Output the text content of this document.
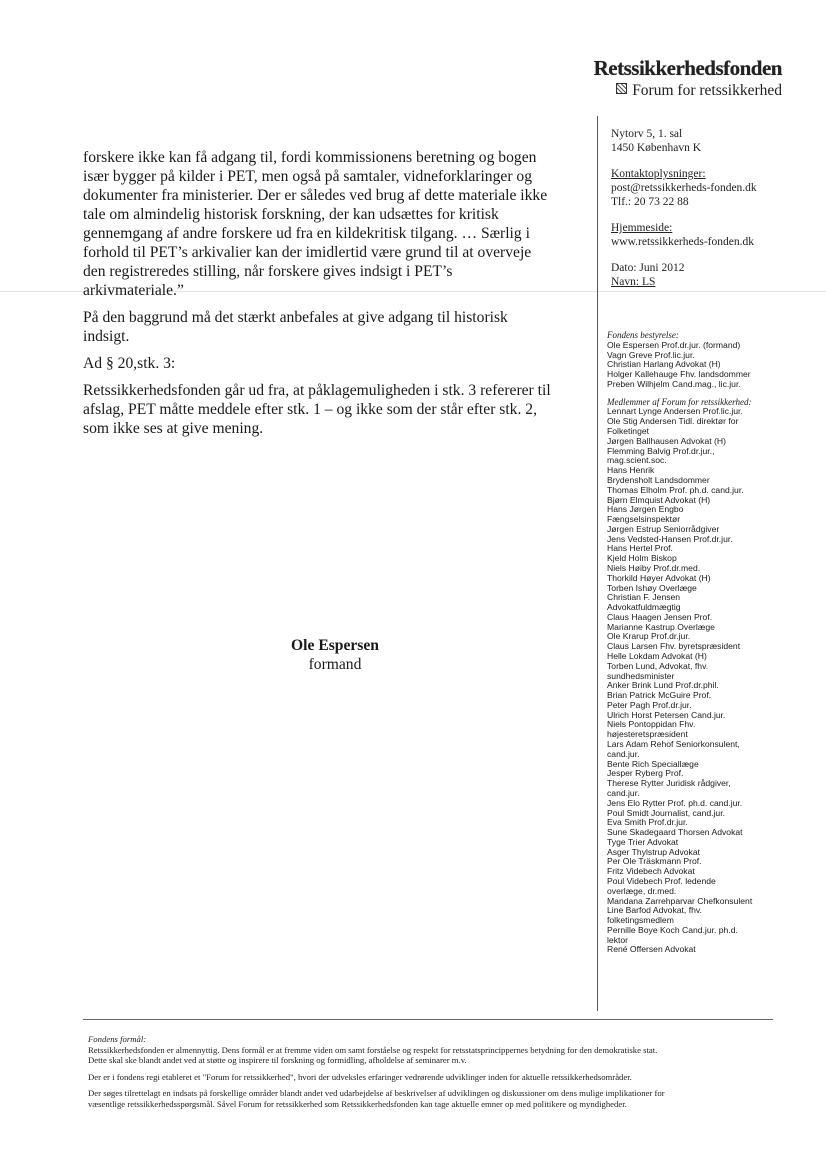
Retssikkerhedsfonden
Forum for retssikkerhed
Nytorv 5, 1. sal
1450 København K
Kontaktoplysninger:
post@retssikkerheds-fonden.dk
Tlf.: 20 73 22 88
Hjemmeside:
www.retssikkerheds-fonden.dk
Dato: Juni 2012
Navn: LS
Fondens bestyrelse:
Ole Espersen Prof.dr.jur. (formand)
Vagn Greve Prof.lic.jur.
Christian Harlang Advokat (H)
Holger Kallehauge Fhv. landsdommer
Preben Wilhjelm Cand.mag., lic.jur.
Medlemmer af Forum for retssikkerhed:
Lennart Lynge Andersen Prof.lic.jur.
Ole Stig Andersen Tidl. direktør for
Folketinget
Jørgen Ballhausen Advokat (H)
Flemming Balvig Prof.dr.jur.,
mag.scient.soc.
Hans Henrik
Brydensholt Landsdommer
Thomas Elholm Prof. ph.d. cand.jur.
Bjørn Elmquist Advokat (H)
Hans Jørgen Engbo
Fængselsinspektør
Jørgen Estrup Seniorrådgiver
Jens Vedsted-Hansen Prof.dr.jur.
Hans Hertel Prof.
Kjeld Holm Biskop
Niels Høiby Prof.dr.med.
Thorkild Høyer Advokat (H)
Torben Ishøy Overlæge
Christian F. Jensen
Advokatfuldmægtig
Claus Haagen Jensen Prof.
Marianne Kastrup Overlæge
Ole Krarup Prof.dr.jur.
Claus Larsen Fhv. byretspræsident
Helle Lokdam Advokat (H)
Torben Lund, Advokat, fhv.
sundhedsminister
Anker Brink Lund Prof.dr.phil.
Brian Patrick McGuire Prof.
Peter Pagh Prof.dr.jur.
Ulrich Horst Petersen Cand.jur.
Niels Pontoppidan Fhv.
højesteretspræsident
Lars Adam Rehof Seniorkonsulent,
cand.jur.
Bente Rich Speciallæge
Jesper Ryberg Prof.
Therese Rytter Juridisk rådgiver,
cand.jur.
Jens Elo Rytter Prof. ph.d. cand.jur.
Poul Smidt Journalist, cand.jur.
Eva Smith Prof.dr.jur.
Sune Skadegaard Thorsen Advokat
Tyge Trier Advokat
Asger Thylstrup Advokat
Per Ole Träskmann Prof.
Fritz Videbech Advokat
Poul Videbech Prof. ledende
overlæge, dr.med.
Mandana Zarrehparvar Chefkonsulent
Line Barfod Advokat, fhv.
folketingsmedlem
Pernille Boye Koch Cand.jur. ph.d.
lektor
René Offersen Advokat

forskere ikke kan få adgang til, fordi kommissionens beretning og bogen
især bygger på kilder i PET, men også på samtaler, vidneforklaringer og
dokumenter fra ministerier. Der er således ved brug af dette materiale ikke
tale om almindelig historisk forskning, der kan udsættes for kritisk
gennemgang af andre forskere ud fra en kildekritisk tilgang. … Særlig i
forhold til PET’s arkivalier kan der imidlertid være grund til at overveje
den registreredes stilling, når forskere gives indsigt i PET’s
arkivmateriale.”

På den baggrund må det stærkt anbefales at give adgang til historisk
indsigt.

Ad § 20,stk. 3:

Retssikkerhedsfonden går ud fra, at påklagemuligheden i stk. 3 refererer til
afslag, PET måtte meddele efter stk. 1 – og ikke som der står efter stk. 2,
som ikke ses at give mening.

Ole Espersen
formand

Fondens formål:

Retssikkerhedsfonden er almennyttig. Dens formål er at fremme viden om samt forståelse og respekt for retsstatsprincippernes betydning for den demokratiske stat.

Dette skal ske blandt andet ved at støtte og inspirere til forskning og formidling, afholdelse af seminarer m.v.

Der er i fondens regi etableret et "Forum for retssikkerhed", hvori der udveksles erfaringer vedrørende udviklinger inden for aktuelle retssikkerhedsområder.

Der søges tilrettelagt en indsats på forskellige områder blandt andet ved udarbejdelse af beskrivelser af udviklingen og diskussioner om dens mulige implikationer for

væsentlige retssikkerhedsspørgsmål. Såvel Forum for retssikkerhed som Retssikkerhedsfonden kan tage aktuelle emner op med politikere og myndigheder.
